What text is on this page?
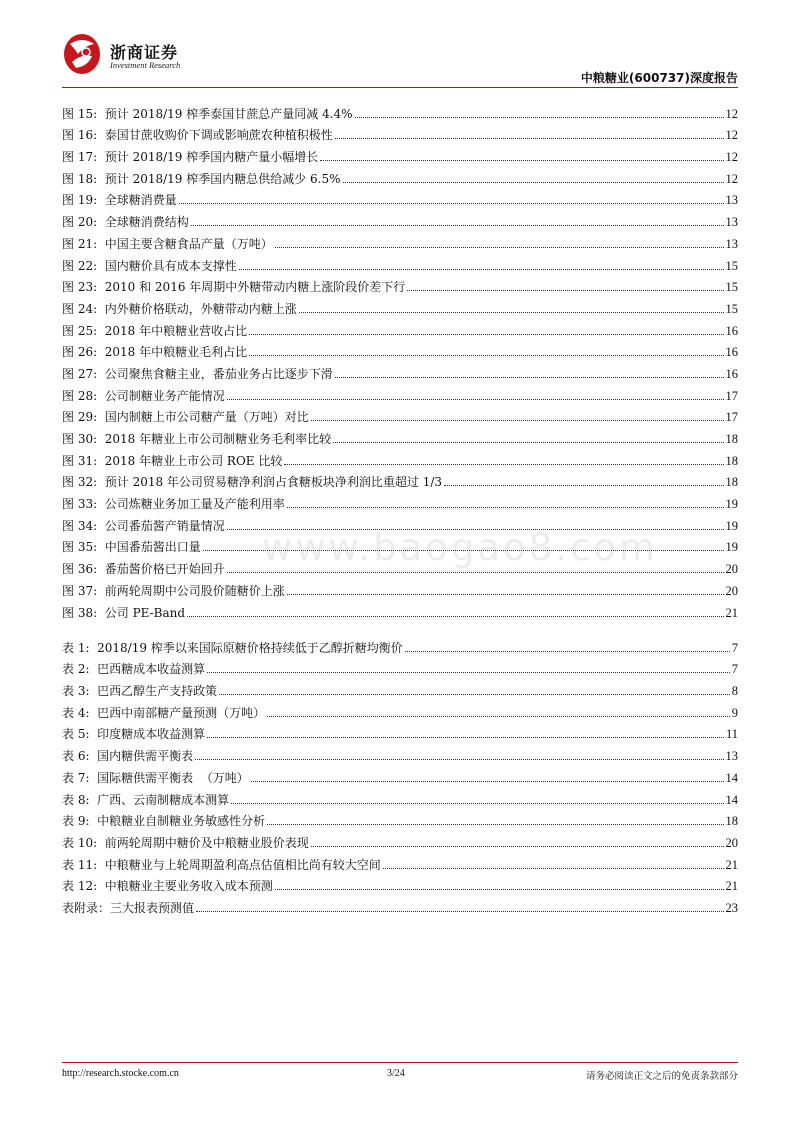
浙商证券
Investment Research
中粮糖业(600737)深度报告
www.baogao8.com
图 15:  预计 2018/19 榨季泰国甘蔗总产量同减 4.4%	12
图 16:  泰国甘蔗收购价下调或影响蔗农种植积极性	12
图 17:  预计 2018/19 榨季国内糖产量小幅增长	12
图 18:  预计 2018/19 榨季国内糖总供给减少 6.5%	12
图 19:  全球糖消费量	13
图 20:  全球糖消费结构	13
图 21:  中国主要含糖食品产量（万吨）	13
图 22:  国内糖价具有成本支撑性	15
图 23:  2010 和 2016 年周期中外糖带动内糖上涨阶段价差下行	15
图 24:  内外糖价格联动，外糖带动内糖上涨	15
图 25:  2018 年中粮糖业营收占比	16
图 26:  2018 年中粮糖业毛利占比	16
图 27:  公司聚焦食糖主业，番茄业务占比逐步下滑	16
图 28:  公司制糖业务产能情况	17
图 29:  国内制糖上市公司糖产量（万吨）对比	17
图 30:  2018 年糖业上市公司制糖业务毛利率比较	18
图 31:  2018 年糖业上市公司 ROE 比较	18
图 32:  预计 2018 年公司贸易糖净利润占食糖板块净利润比重超过 1/3	18
图 33:  公司炼糖业务加工量及产能利用率	19
图 34:  公司番茄酱产销量情况	19
图 35:  中国番茄酱出口量	19
图 36:  番茄酱价格已开始回升	20
图 37:  前两轮周期中公司股价随糖价上涨	20
图 38:  公司 PE-Band	21
表 1:  2018/19 榨季以来国际原糖价格持续低于乙醇折糖均衡价	7
表 2:  巴西糖成本收益测算	7
表 3:  巴西乙醇生产支持政策	8
表 4:  巴西中南部糖产量预测（万吨）	9
表 5:  印度糖成本收益测算	11
表 6:  国内糖供需平衡表	13
表 7:  国际糖供需平衡表  （万吨）	14
表 8:  广西、云南制糖成本测算	14
表 9:  中粮糖业自制糖业务敏感性分析	18
表 10:  前两轮周期中糖价及中粮糖业股价表现	20
表 11:  中粮糖业与上轮周期盈利高点估值相比尚有较大空间	21
表 12:  中粮糖业主要业务收入成本预测	21
表附录：三大报表预测值	23
http://research.stocke.com.cn	3/24	请务必阅读正文之后的免责条款部分
